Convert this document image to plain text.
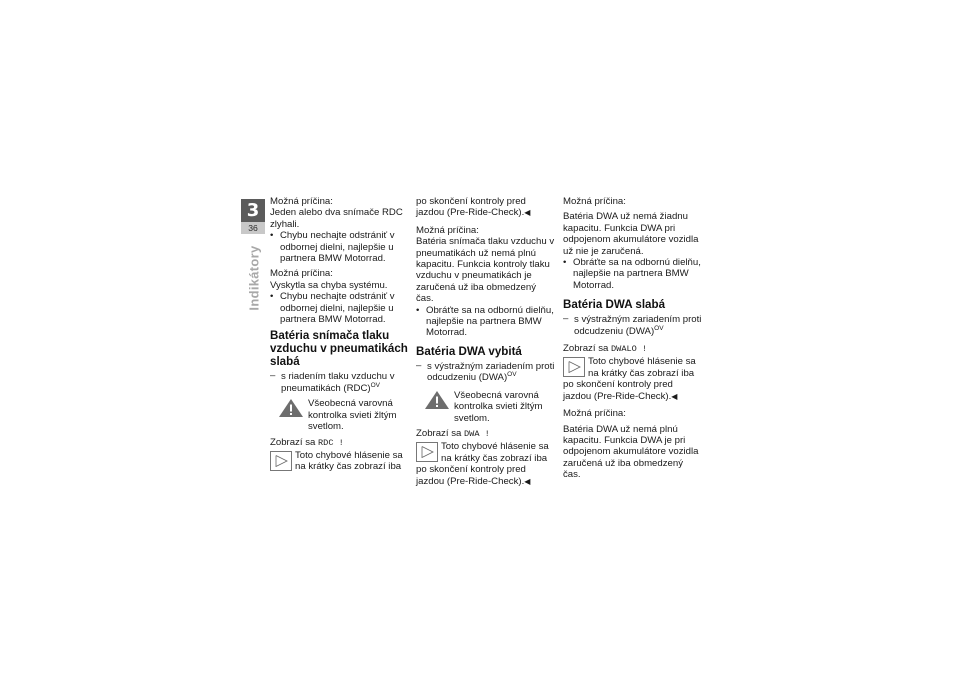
3
36
Indikátory

Možná príčina:

Jeden alebo dva snímače RDC zlyhali.

• Chybu nechajte odstrániť v odbornej dielni, najlepšie u partnera BMW Motorrad.

Možná príčina:

Vyskytla sa chyba systému.

• Chybu nechajte odstrániť v odbornej dielni, najlepšie u partnera BMW Motorrad.
Batéria snímača tlaku vzduchu v pneumatikách slabá
– s riadením tlaku vzduchu v pneumatikách (RDC)$^{OV}$
Všeobecná varovná kontrolka svieti žltým svetlom.

Zobrazí sa RDC !

Toto chybové hlásenie sa
na krátky čas zobrazí iba

po skončení kontroly pred jazdou (Pre-Ride-Check).◀

Možná príčina:

Batéria snímača tlaku vzduchu v pneumatikách už nemá plnú kapacitu. Funkcia kontroly tlaku vzduchu v pneumatikách je zaručená už iba obmedzený čas.

• Obráťte sa na odbornú dielňu, najlepšie na partnera BMW Motorrad.
Batéria DWA vybitá
– s výstražným zariadením proti odcudzeniu (DWA)$^{OV}$
Všeobecná varovná kontrolka svieti žltým svetlom.

Zobrazí sa DWA !

Toto chybové hlásenie sa
na krátky čas zobrazí iba
po skončení kontroly pred jazdou (Pre-Ride-Check).◀

Možná príčina:

Batéria DWA už nemá žiadnu kapacitu. Funkcia DWA pri odpojenom akumulátore vozidla už nie je zaručená.

• Obráťte sa na odbornú dielňu, najlepšie na partnera BMW Motorrad.
Batéria DWA slabá
– s výstražným zariadením proti odcudzeniu (DWA)$^{OV}$

Zobrazí sa DWALO !

Toto chybové hlásenie sa
na krátky čas zobrazí iba
po skončení kontroly pred jazdou (Pre-Ride-Check).◀

Možná príčina:

Batéria DWA už nemá plnú kapacitu. Funkcia DWA je pri odpojenom akumulátore vozidla zaručená už iba obmedzený čas.
